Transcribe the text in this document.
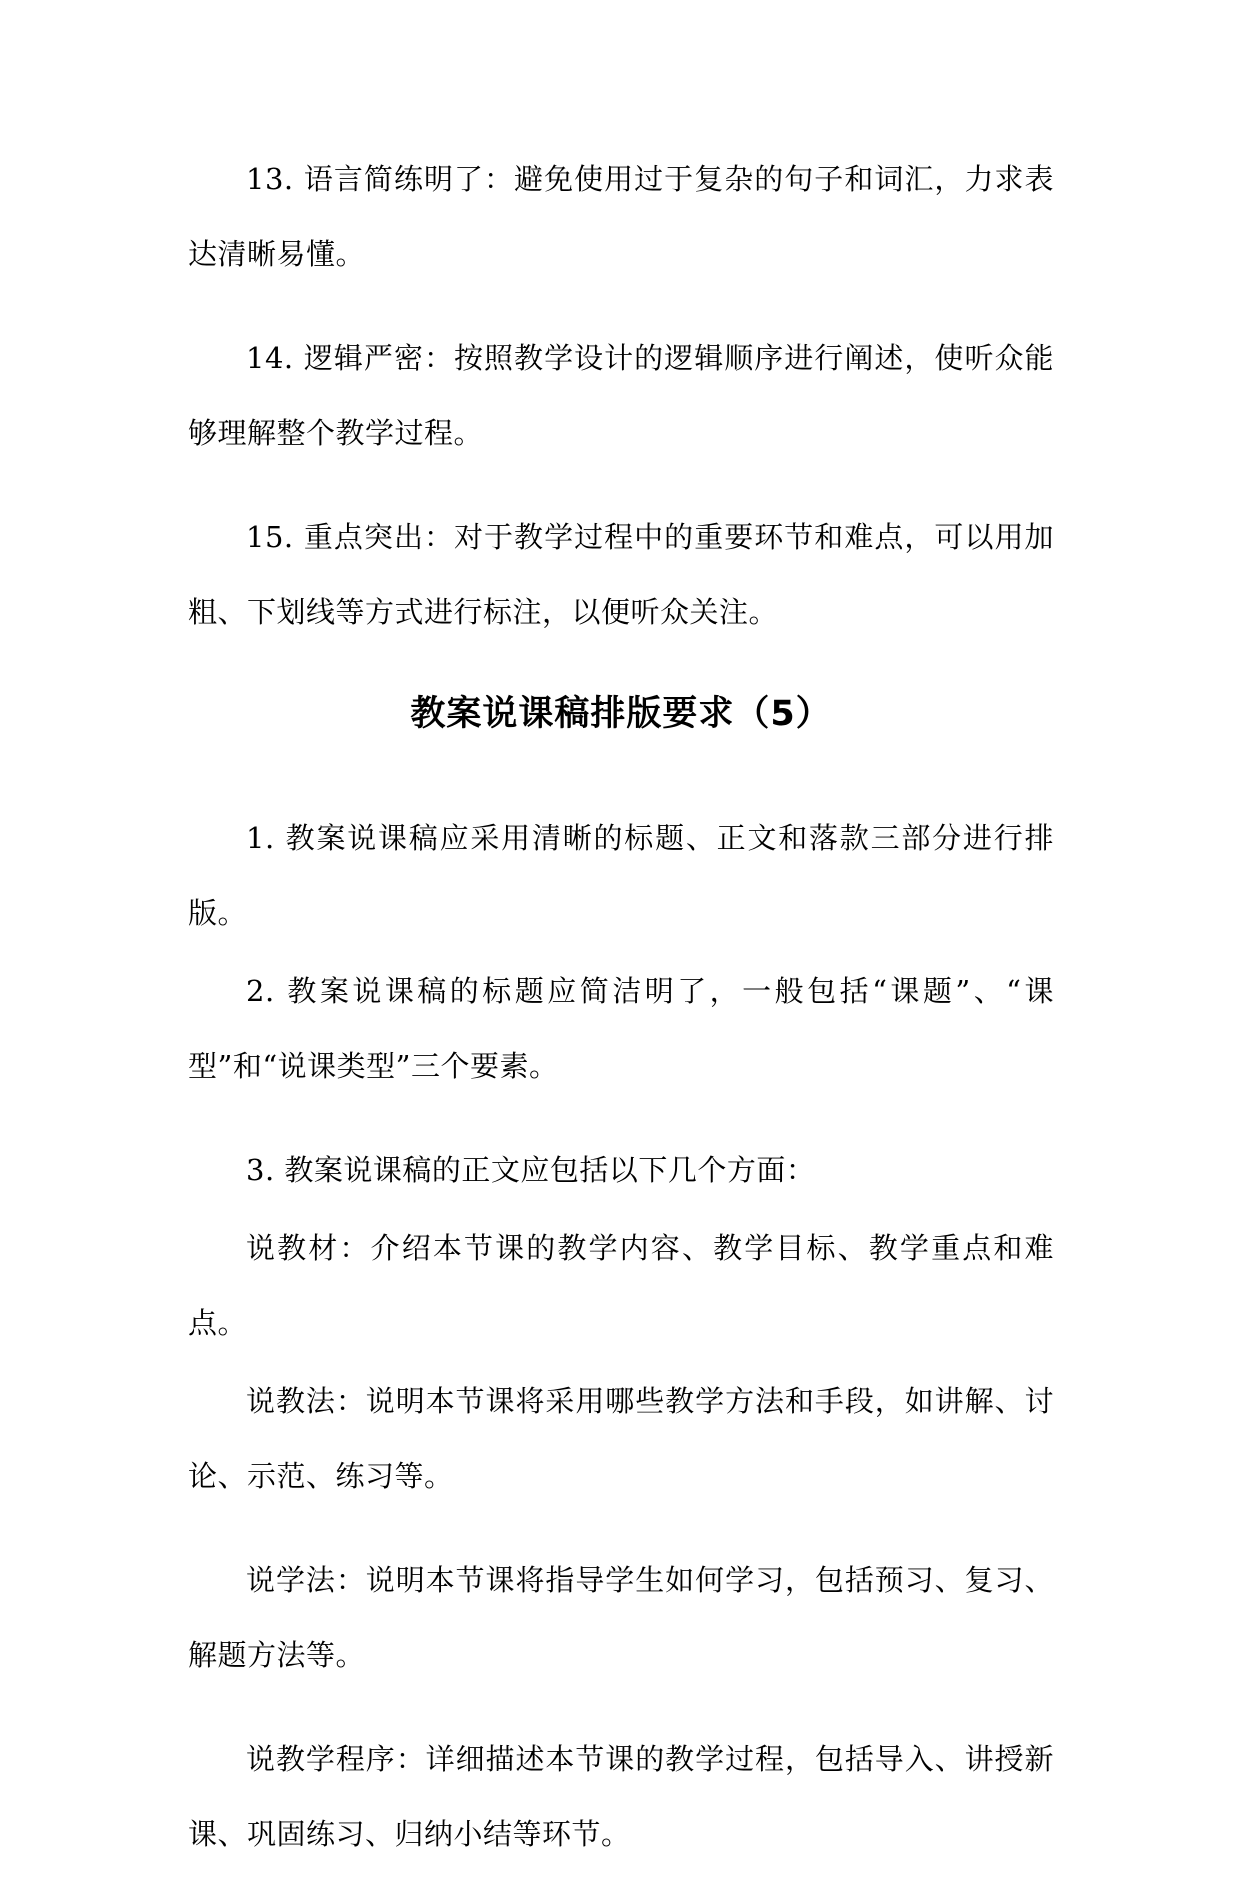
13. 语言简练明了：避免使用过于复杂的句子和词汇，力求表达清晰易懂。

14. 逻辑严密：按照教学设计的逻辑顺序进行阐述，使听众能够理解整个教学过程。

15. 重点突出：对于教学过程中的重要环节和难点，可以用加粗、下划线等方式进行标注，以便听众关注。

教案说课稿排版要求（5）

1. 教案说课稿应采用清晰的标题、正文和落款三部分进行排版。

2. 教案说课稿的标题应简洁明了，一般包括“课题”、“课型”和“说课类型”三个要素。

3. 教案说课稿的正文应包括以下几个方面：

说教材：介绍本节课的教学内容、教学目标、教学重点和难点。

说教法：说明本节课将采用哪些教学方法和手段，如讲解、讨论、示范、练习等。

说学法：说明本节课将指导学生如何学习，包括预习、复习、解题方法等。

说教学程序：详细描述本节课的教学过程，包括导入、讲授新课、巩固练习、归纳小结等环节。
